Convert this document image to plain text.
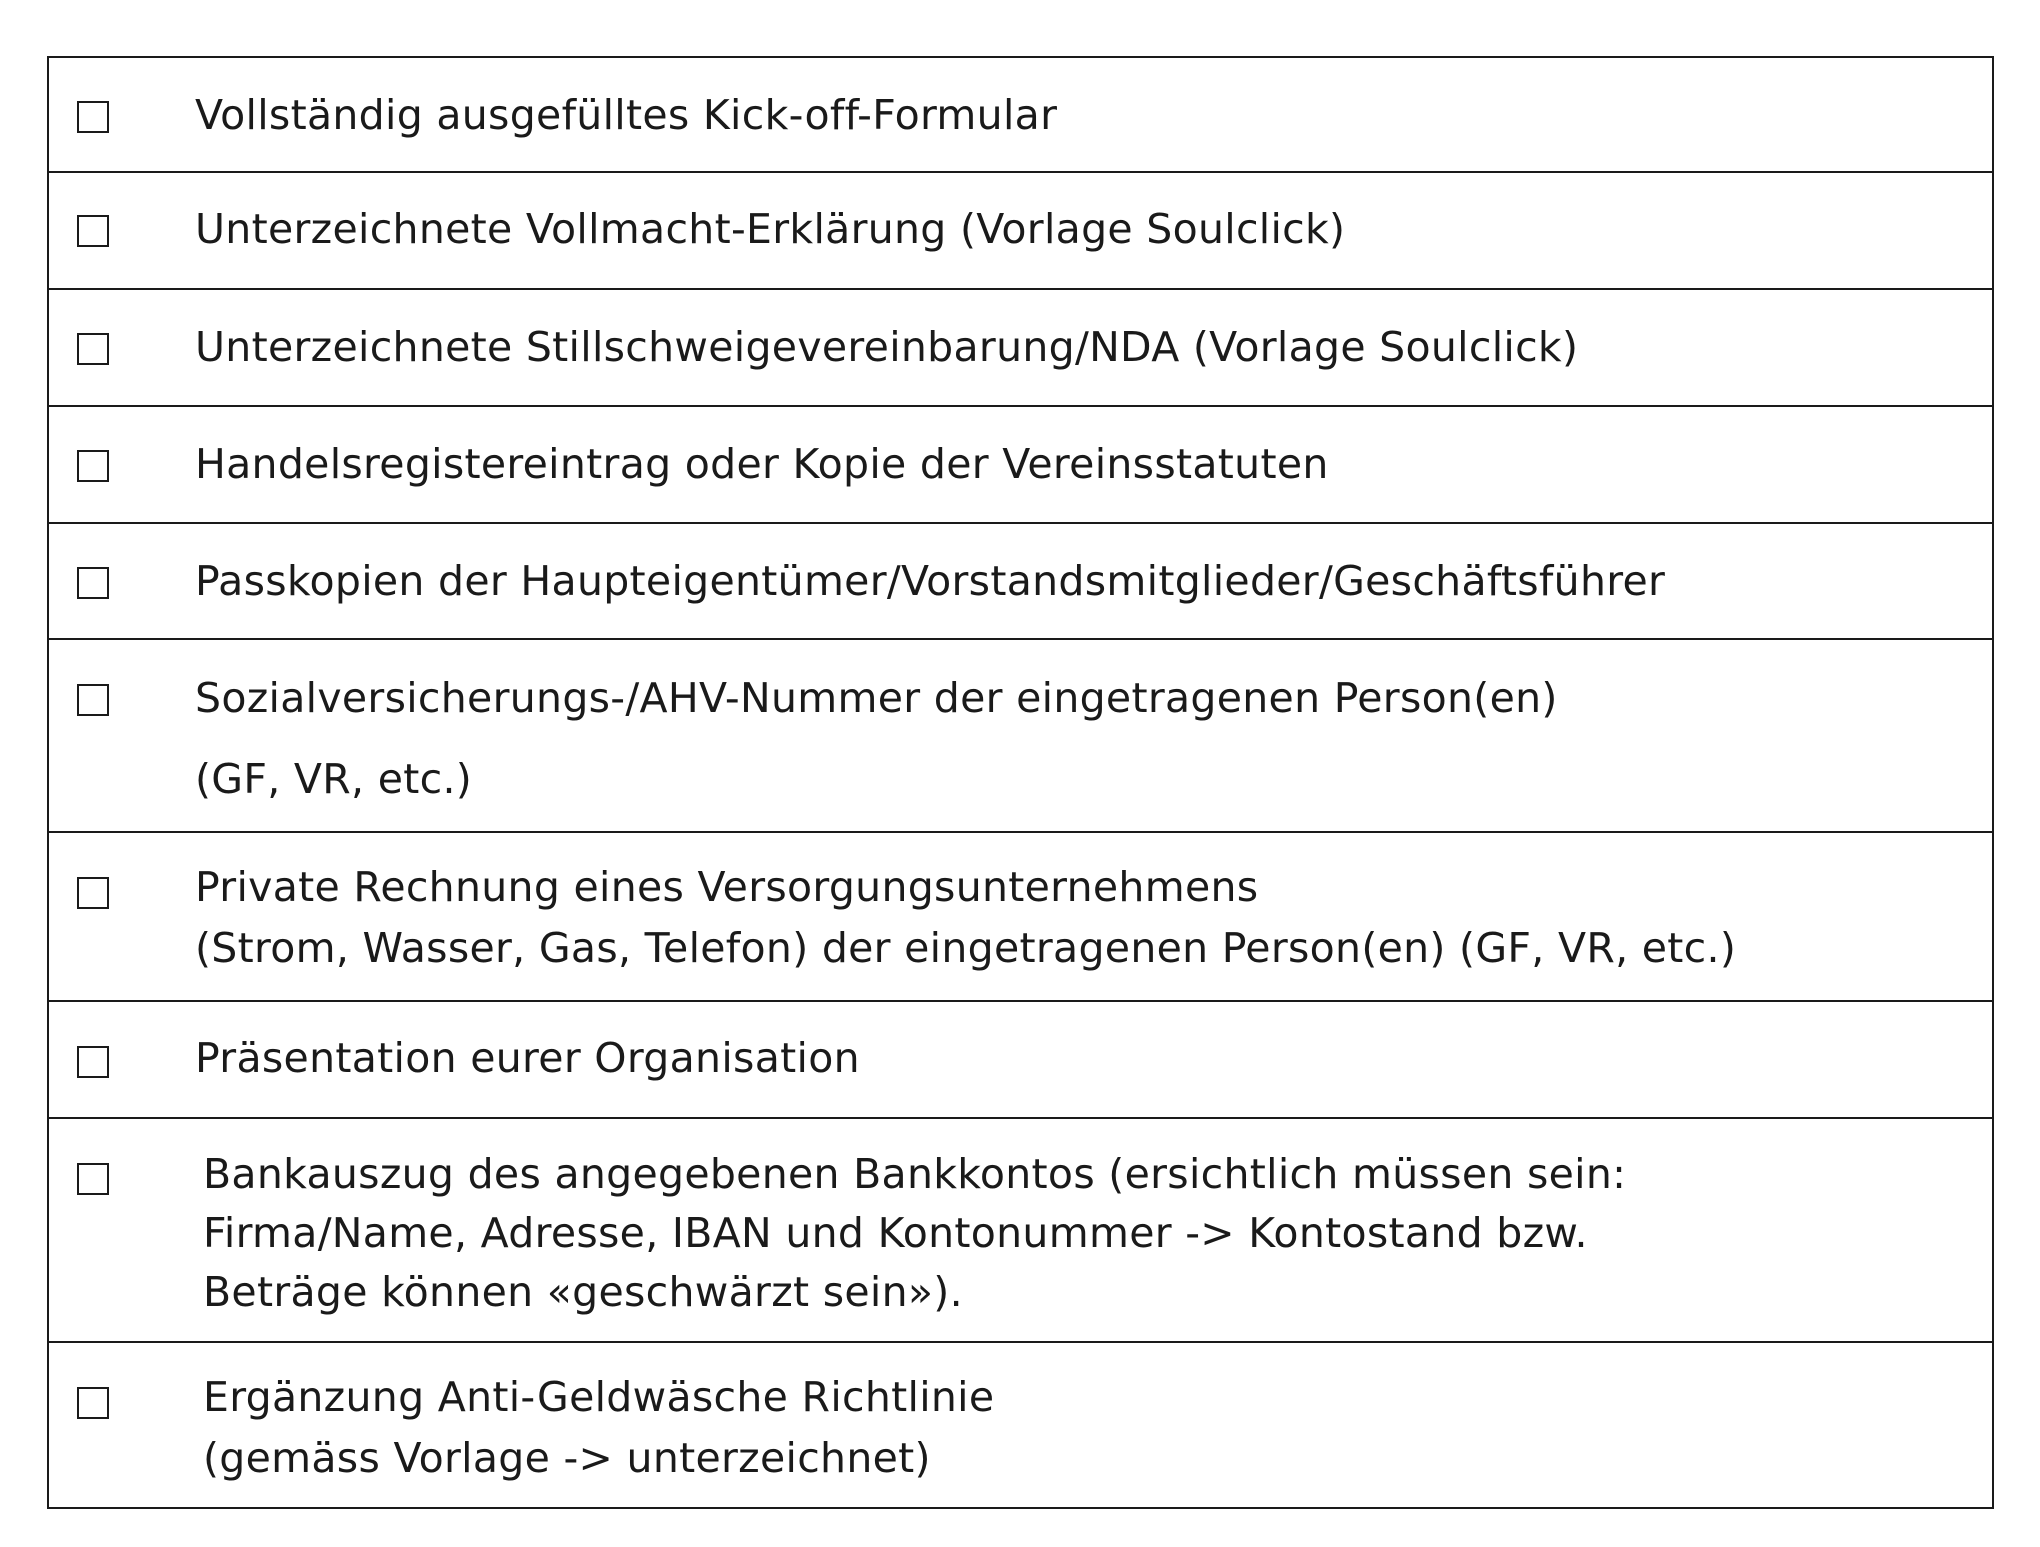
Vollständig ausgefülltes Kick-off-Formular
Unterzeichnete Vollmacht-Erklärung (Vorlage Soulclick)
Unterzeichnete Stillschweigevereinbarung/NDA (Vorlage Soulclick)
Handelsregistereintrag oder Kopie der Vereinsstatuten
Passkopien der Haupteigentümer/Vorstandsmitglieder/Geschäftsführer
Sozialversicherungs-/AHV-Nummer der eingetragenen Person(en)
(GF, VR, etc.)
Private Rechnung eines Versorgungsunternehmens
(Strom, Wasser, Gas, Telefon) der eingetragenen Person(en) (GF, VR, etc.)
Präsentation eurer Organisation
Bankauszug des angegebenen Bankkontos (ersichtlich müssen sein:
Firma/Name, Adresse, IBAN und Kontonummer -> Kontostand bzw.
Beträge können «geschwärzt sein»).
Ergänzung Anti-Geldwäsche Richtlinie
(gemäss Vorlage -> unterzeichnet)
